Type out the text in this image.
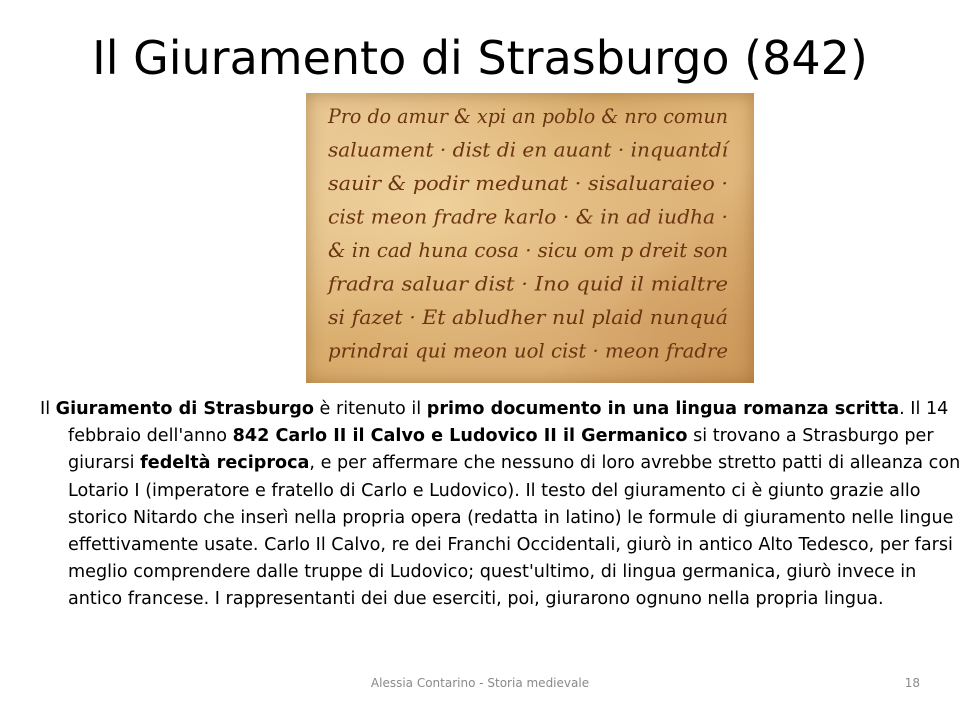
Il Giuramento di Strasburgo (842)
Pro do amur & xpi an poblo & nro comun
saluament · dist di en auant · inquantdí
sauir & podir medunat · sisaluaraieo ·
cist meon fradre karlo · & in ad iudha ·
& in cad huna cosa · sicu om p dreit son
fradra saluar dist · Ino quid il mialtre
si fazet · Et abludher nul plaid nunquá
prindrai qui meon uol cist · meon fradre

Il Giuramento di Strasburgo è ritenuto il primo documento in una lingua romanza scritta. Il 14 febbraio dell'anno 842 Carlo II il Calvo e Ludovico II il Germanico si trovano a Strasburgo per giurarsi fedeltà reciproca, e per affermare che nessuno di loro avrebbe stretto patti di alleanza con Lotario I (imperatore e fratello di Carlo e Ludovico). Il testo del giuramento ci è giunto grazie allo storico Nitardo che inserì nella propria opera (redatta in latino) le formule di giuramento nelle lingue effettivamente usate. Carlo Il Calvo, re dei Franchi Occidentali, giurò in antico Alto Tedesco, per farsi meglio comprendere dalle truppe di Ludovico; quest'ultimo, di lingua germanica, giurò invece in antico francese. I rappresentanti dei due eserciti, poi, giurarono ognuno nella propria lingua.

Alessia Contarino - Storia medievale	18
